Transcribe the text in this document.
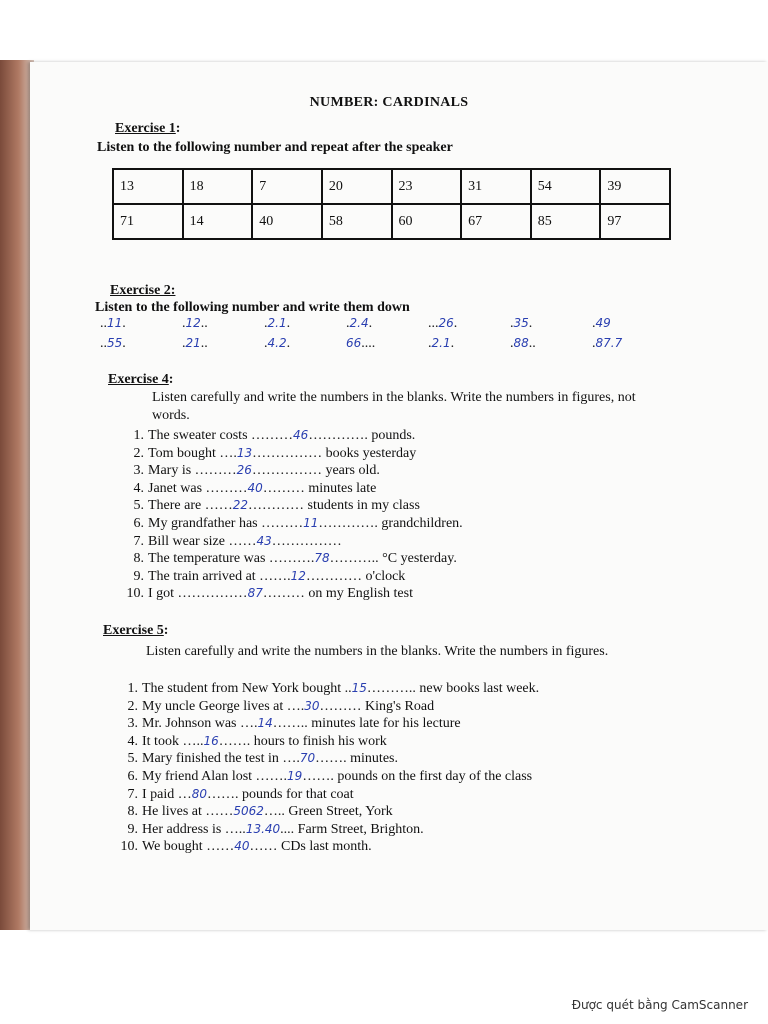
NUMBER: CARDINALS
Exercise 1:
Listen to the following number and repeat after the speaker
13	18	7	20	23	31	54	39
71	14	40	58	60	67	85	97
Exercise 2:
Listen to the following number and write them down
..11.	.12..	.2.1.	.2.4.	...26.	.35.	.49
..55.	.21..	.4.2.	66....	.2.1.	.88..	.87.7
Exercise 4:
Listen carefully and write the numbers in the blanks. Write the numbers in figures, not words.
1. The sweater costs ……… 46 …………. pounds.
2. Tom bought …. 13 …………… books yesterday
3. Mary is ……… 26 …………… years old.
4. Janet was ……… 40 ……… minutes late
5. There are …… 22 ………… students in my class
6. My grandfather has ……… 11 …………. grandchildren.
7. Bill wear size …… 43 ……………
8. The temperature was ………. 78 ……….. °C yesterday.
9. The train arrived at ……. 12 ………… o'clock
10. I got …………… 87 ……… on my English test
Exercise 5:
Listen carefully and write the numbers in the blanks. Write the numbers in figures.
1. The student from New York bought .. 15 ……….. new books last week.
2. My uncle George lives at …. 30 ……… King's Road
3. Mr. Johnson was …. 14 …….. minutes late for his lecture
4. It took ….. 16 ……. hours to finish his work
5. Mary finished the test in …. 70 ……. minutes.
6. My friend Alan lost ……. 19 ……. pounds on the first day of the class
7. I paid … 80 ……. pounds for that coat
8. He lives at …… 5062 ….. Green Street, York
9. Her address is ….. 13.40 .... Farm Street, Brighton.
10. We bought …… 40 …… CDs last month.
Được quét bằng CamScanner
